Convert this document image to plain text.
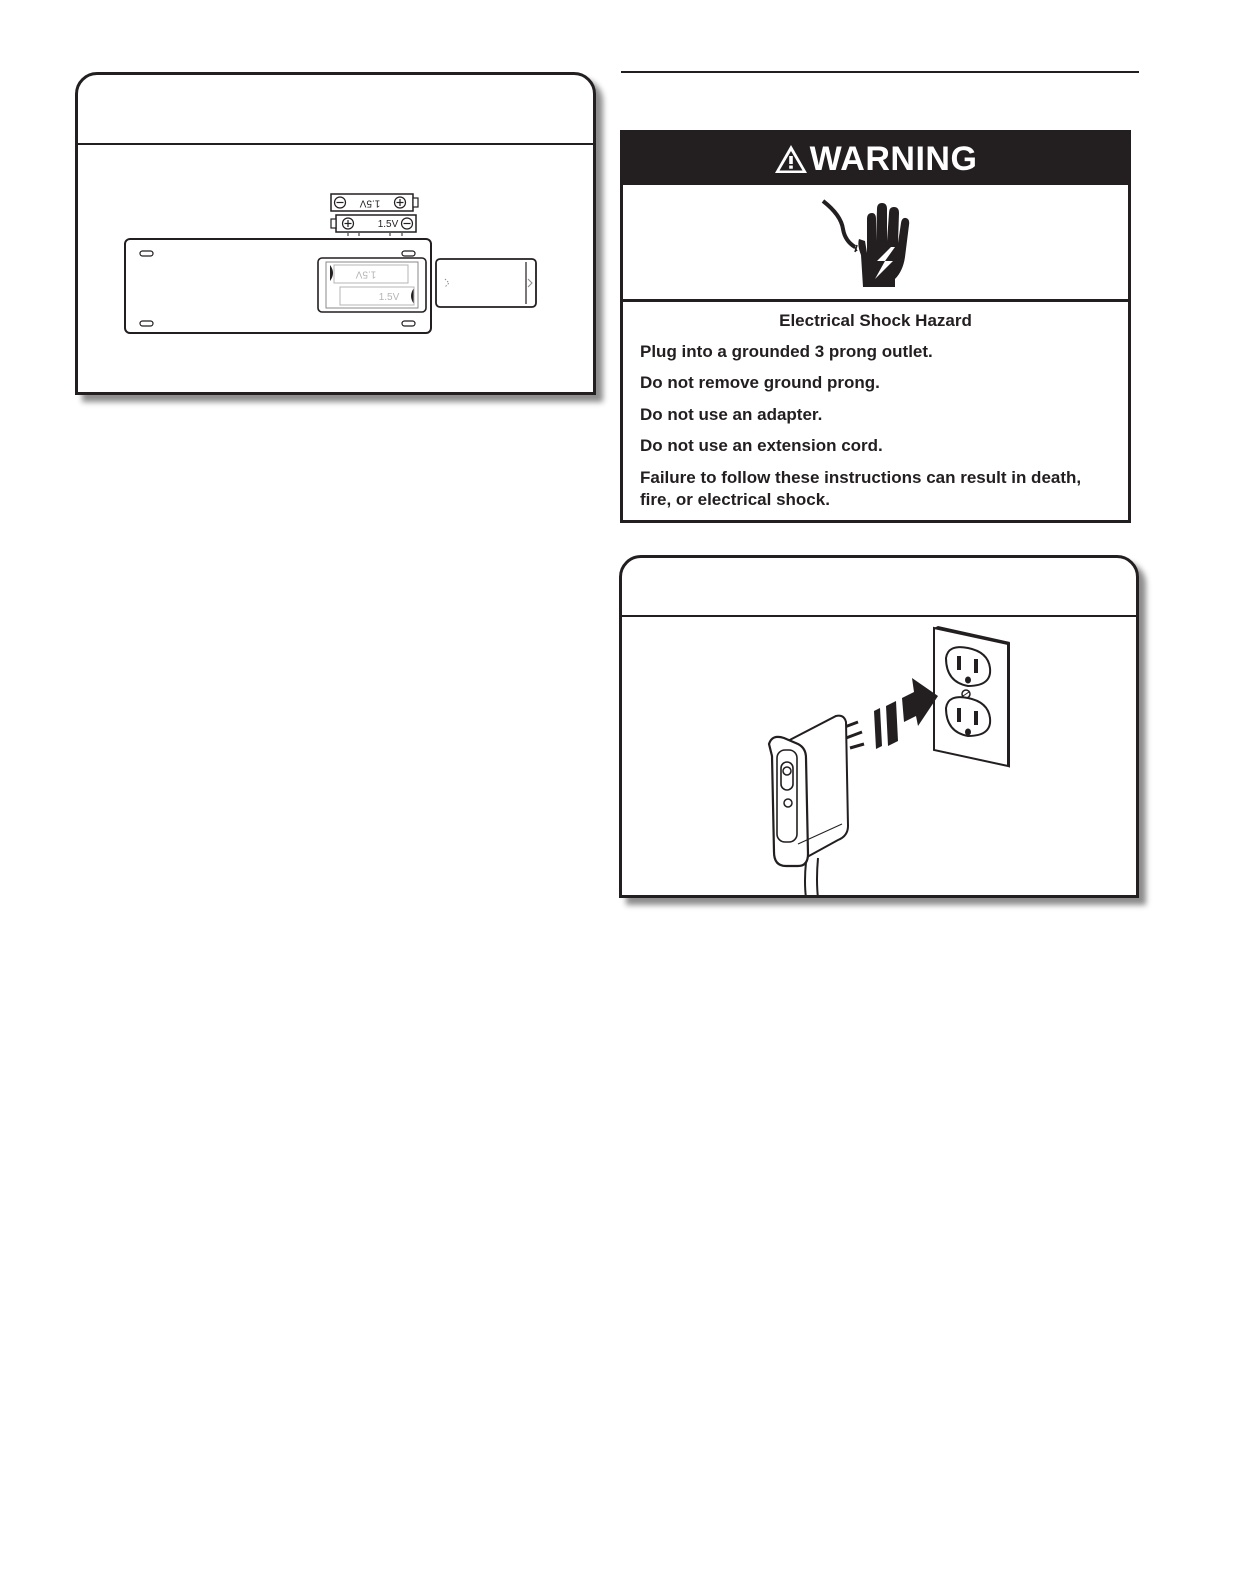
1.5V
1.5V
1.5V
1.5V
WARNING
Electrical Shock Hazard
Plug into a grounded 3 prong outlet.
Do not remove ground prong.
Do not use an adapter.
Do not use an extension cord.
Failure to follow these instructions can result in death,
fire, or electrical shock.
